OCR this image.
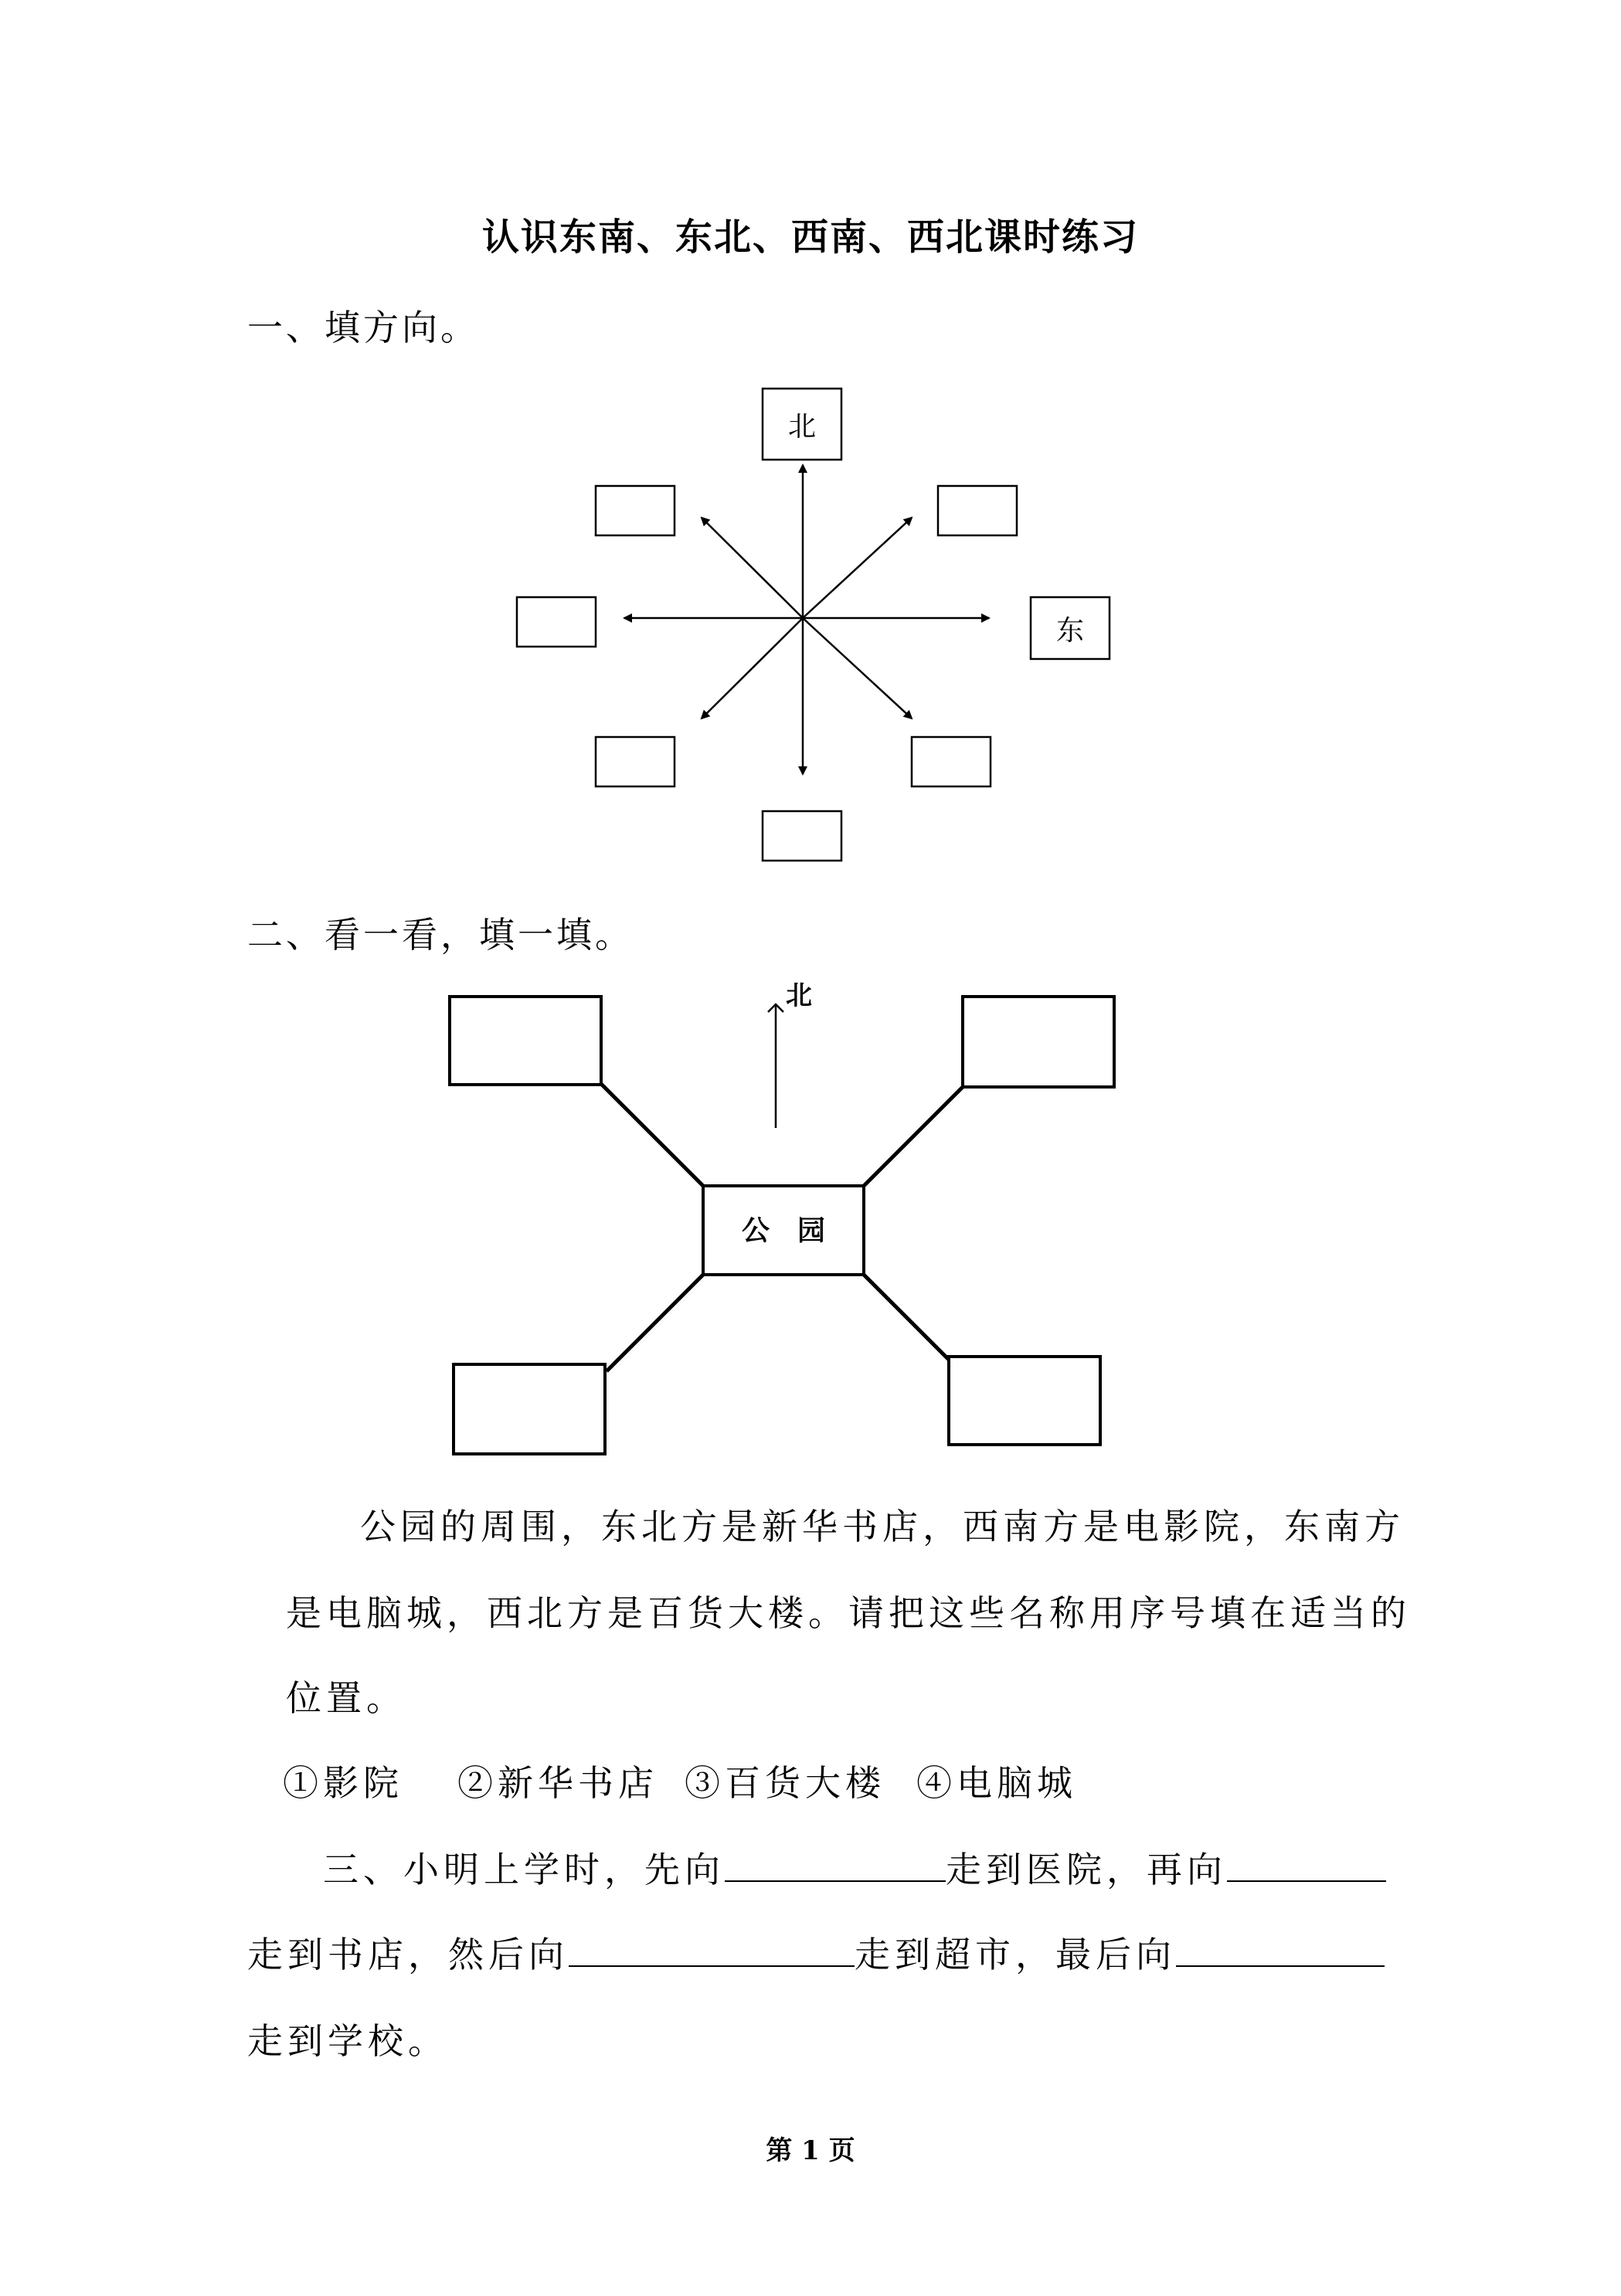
认识东南、东北、西南、西北课时练习
一、填方向。
北
东
二、看一看，填一填。
北
公　园
公园的周围，东北方是新华书店，西南方是电影院，东南方
是电脑城，西北方是百货大楼。请把这些名称用序号填在适当的
位置。
①影院 ②新华书店 ③百货大楼 ④电脑城
三、小明上学时，先向	走到医院，再向
走到书店，然后向	走到超市，最后向
走到学校。
第 1 页
